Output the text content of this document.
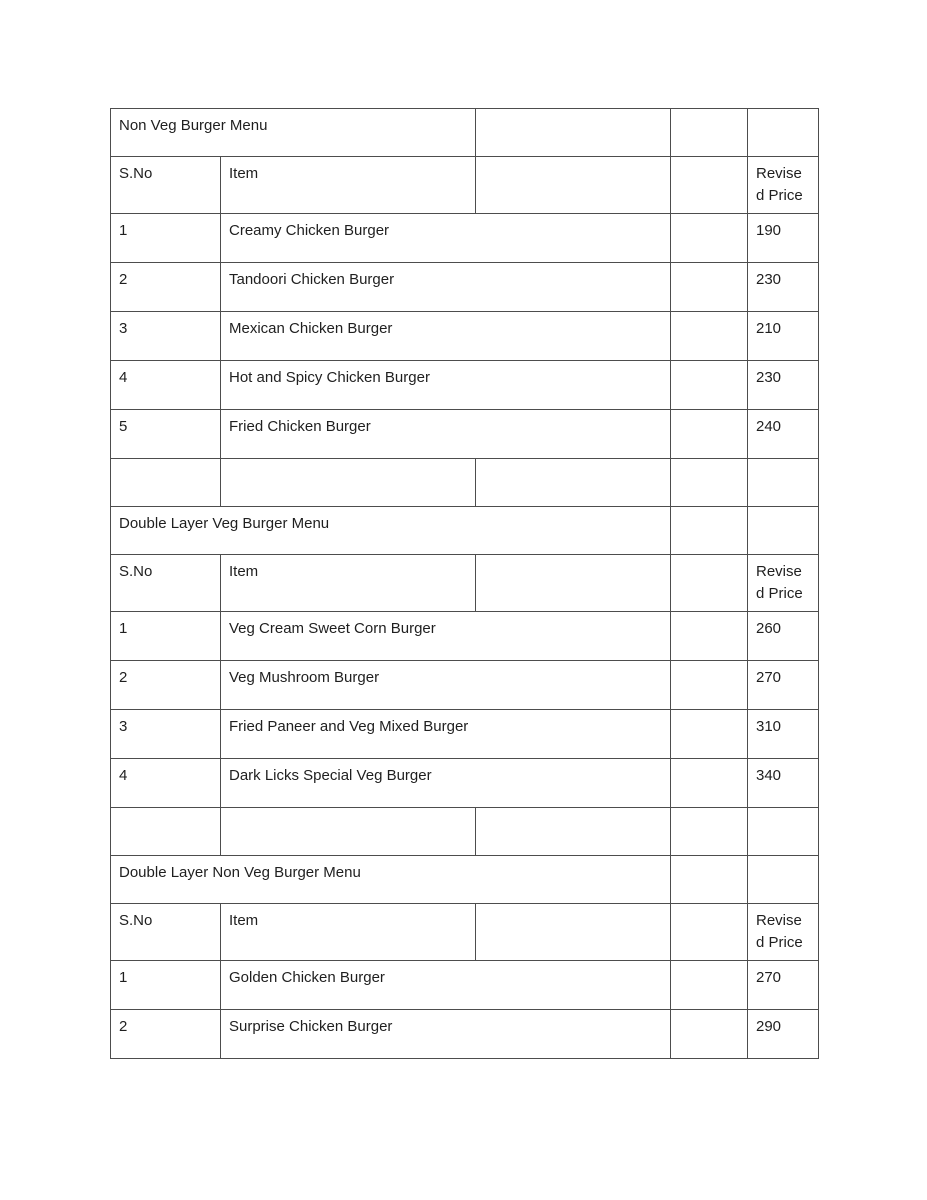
Non Veg Burger Menu				
S.No	Item			Revised Price
1	Creamy Chicken Burger			190
2	Tandoori Chicken Burger			230
3	Mexican Chicken Burger			210
4	Hot and Spicy Chicken Burger			230
5	Fried Chicken Burger			240

Double Layer Veg Burger Menu				
S.No	Item			Revised Price
1	Veg Cream Sweet Corn Burger			260
2	Veg Mushroom Burger			270
3	Fried Paneer and Veg Mixed Burger			310
4	Dark Licks Special Veg Burger			340

Double Layer Non Veg Burger Menu				
S.No	Item			Revised Price
1	Golden Chicken Burger			270
2	Surprise Chicken Burger			290
